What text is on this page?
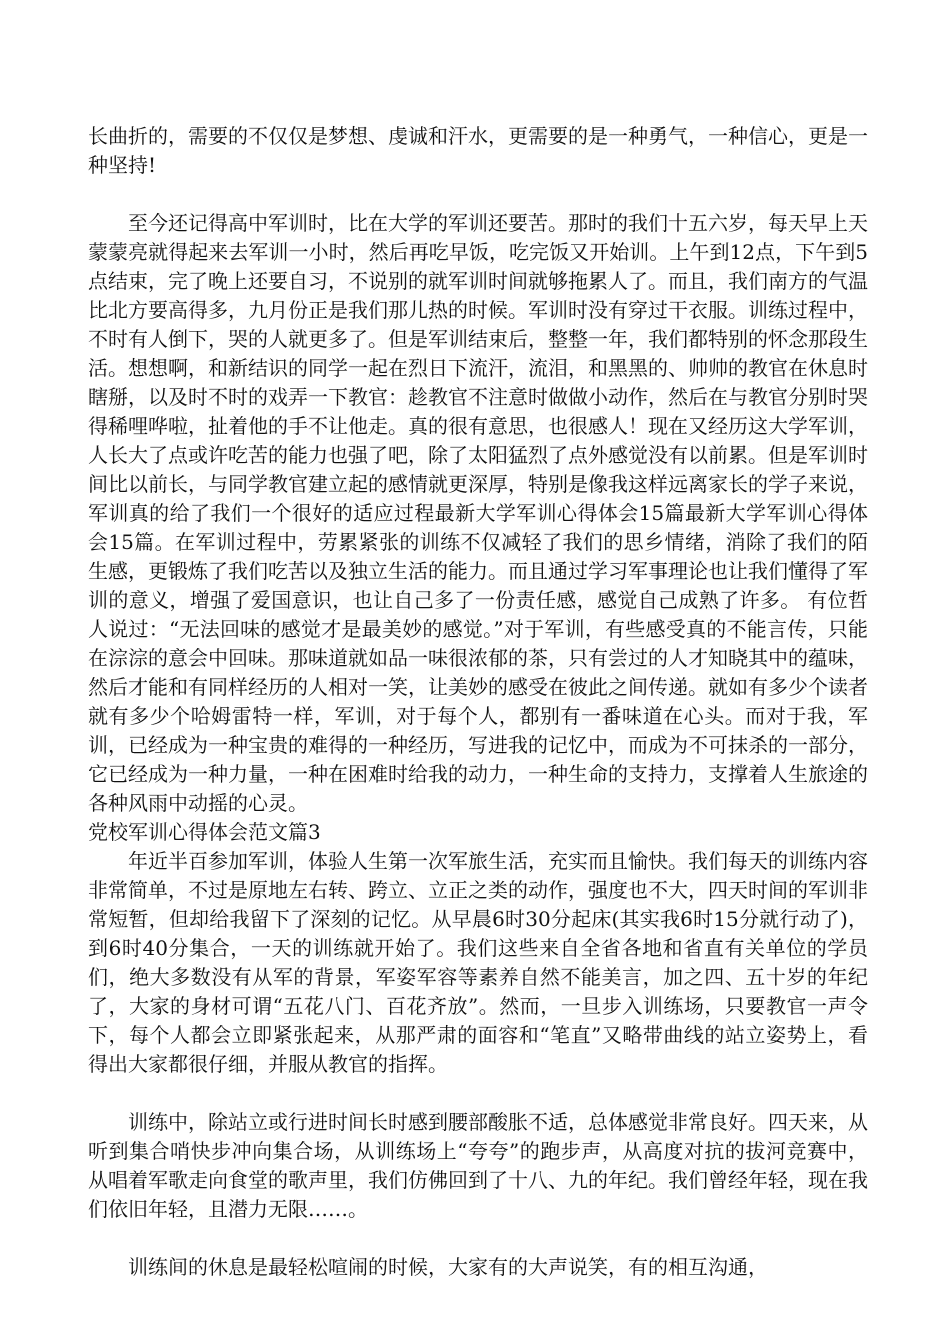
长曲折的，需要的不仅仅是梦想、虔诚和汗水，更需要的是一种勇气，一种信心，更是一种坚持!

至今还记得高中军训时，比在大学的军训还要苦。那时的我们十五六岁，每天早上天蒙蒙亮就得起来去军训一小时，然后再吃早饭，吃完饭又开始训。上午到12点，下午到5点结束，完了晚上还要自习，不说别的就军训时间就够拖累人了。而且，我们南方的气温比北方要高得多，九月份正是我们那儿热的时候。军训时没有穿过干衣服。训练过程中，不时有人倒下，哭的人就更多了。但是军训结束后，整整一年，我们都特别的怀念那段生活。想想啊，和新结识的同学一起在烈日下流汗，流泪，和黑黑的、帅帅的教官在休息时瞎掰，以及时不时的戏弄一下教官：趁教官不注意时做做小动作，然后在与教官分别时哭得稀哩哗啦，扯着他的手不让他走。真的很有意思，也很感人！现在又经历这大学军训，人长大了点或许吃苦的能力也强了吧，除了太阳猛烈了点外感觉没有以前累。但是军训时间比以前长，与同学教官建立起的感情就更深厚，特别是像我这样远离家长的学子来说，军训真的给了我们一个很好的适应过程最新大学军训心得体会15篇最新大学军训心得体会15篇。在军训过程中，劳累紧张的训练不仅减轻了我们的思乡情绪，消除了我们的陌生感，更锻炼了我们吃苦以及独立生活的能力。而且通过学习军事理论也让我们懂得了军训的意义，增强了爱国意识，也让自己多了一份责任感，感觉自己成熟了许多。 有位哲人说过：“无法回味的感觉才是最美妙的感觉。”对于军训，有些感受真的不能言传，只能在淙淙的意会中回味。那味道就如品一味很浓郁的茶，只有尝过的人才知晓其中的蕴味，然后才能和有同样经历的人相对一笑，让美妙的感受在彼此之间传递。就如有多少个读者就有多少个哈姆雷特一样，军训，对于每个人，都别有一番味道在心头。而对于我，军训，已经成为一种宝贵的难得的一种经历，写进我的记忆中，而成为不可抹杀的一部分，它已经成为一种力量，一种在困难时给我的动力，一种生命的支持力，支撑着人生旅途的各种风雨中动摇的心灵。

党校军训心得体会范文篇3

年近半百参加军训，体验人生第一次军旅生活，充实而且愉快。我们每天的训练内容非常简单，不过是原地左右转、跨立、立正之类的动作，强度也不大，四天时间的军训非常短暂，但却给我留下了深刻的记忆。从早晨6时30分起床(其实我6时15分就行动了)，到6时40分集合，一天的训练就开始了。我们这些来自全省各地和省直有关单位的学员们，绝大多数没有从军的背景，军姿军容等素养自然不能美言，加之四、五十岁的年纪了，大家的身材可谓“五花八门、百花齐放”。然而，一旦步入训练场，只要教官一声令下，每个人都会立即紧张起来，从那严肃的面容和“笔直”又略带曲线的站立姿势上，看得出大家都很仔细，并服从教官的指挥。

训练中，除站立或行进时间长时感到腰部酸胀不适，总体感觉非常良好。四天来，从听到集合哨快步冲向集合场，从训练场上“夸夸”的跑步声，从高度对抗的拔河竞赛中，从唱着军歌走向食堂的歌声里，我们仿佛回到了十八、九的年纪。我们曾经年轻，现在我们依旧年轻，且潜力无限……。

训练间的休息是最轻松喧闹的时候，大家有的大声说笑，有的相互沟通，
